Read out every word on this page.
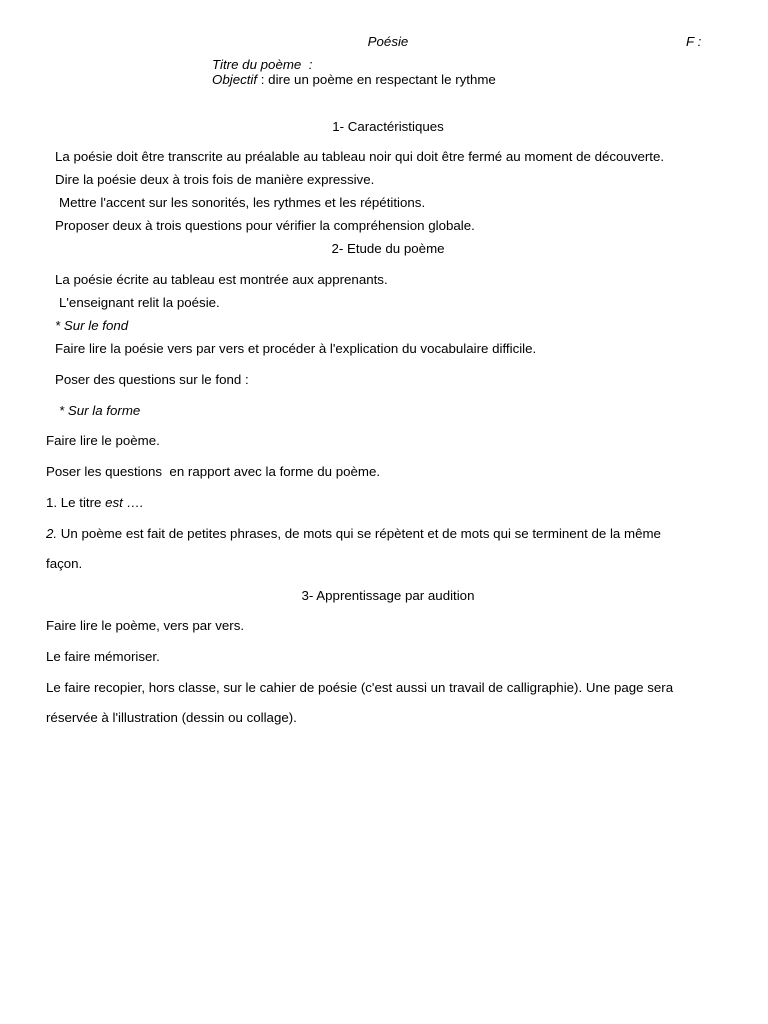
Poésie	F :
Titre du poème  :
Objectif : dire un poème en respectant le rythme
1- Caractéristiques
La poésie doit être transcrite au préalable au tableau noir qui doit être fermé au moment de découverte.
Dire la poésie deux à trois fois de manière expressive.
Mettre l'accent sur les sonorités, les rythmes et les répétitions.
Proposer deux à trois questions pour vérifier la compréhension globale.
2- Etude du poème
La poésie écrite au tableau est montrée aux apprenants.
L'enseignant relit la poésie.
* Sur le fond
Faire lire la poésie vers par vers et procéder à l'explication du vocabulaire difficile.
Poser des questions sur le fond :
* Sur la forme
Faire lire le poème.
Poser les questions  en rapport avec la forme du poème.
1. Le titre est ….
2. Un poème est fait de petites phrases, de mots qui se répètent et de mots qui se terminent de la même
façon.
3- Apprentissage par audition
Faire lire le poème, vers par vers.
Le faire mémoriser.
Le faire recopier, hors classe, sur le cahier de poésie (c'est aussi un travail de calligraphie). Une page sera
réservée à l'illustration (dessin ou collage).
